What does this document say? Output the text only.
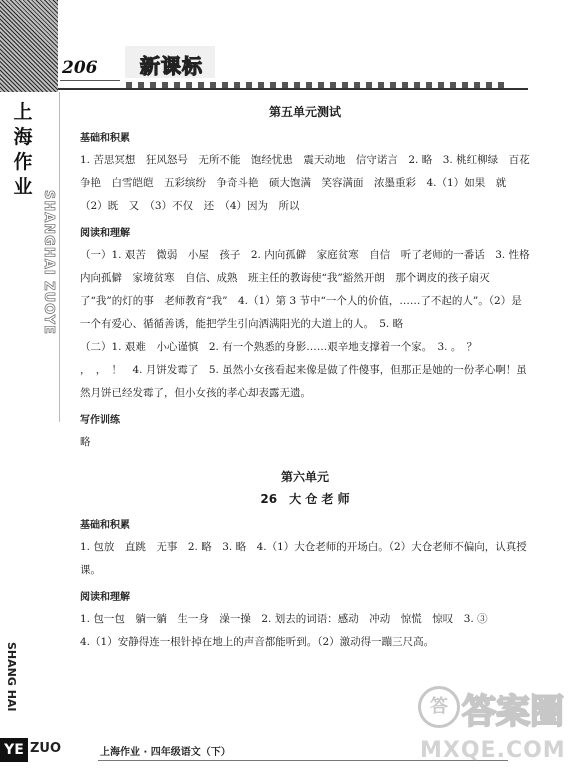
上
海
作
业
SHANGHAI ZUOYE
206 新课标
第五单元测试
基础和积累

1. 苦思冥想　狂风怒号　无所不能　饱经忧患　震天动地　信守诺言　2. 略　3. 桃红柳绿　百花争艳　白雪皑皑　五彩缤纷　争奇斗艳　硕大饱满　笑容满面　浓墨重彩　4.（1）如果　就　（2）既　又　（3）不仅　还　（4）因为　所以

阅读和理解

（一）1. 艰苦　微弱　小屋　孩子　2. 内向孤僻　家庭贫寒　自信　听了老师的一番话　3. 性格内向孤僻　家境贫寒　自信、成熟　班主任的教诲使“我”豁然开朗　那个调皮的孩子扇灭了“我”的灯的事　老师教育“我”　4.（1）第 3 节中“一个人的价值，……了不起的人”。（2）是一个有爱心、循循善诱，能把学生引向洒满阳光的大道上的人。　5. 略

（二）1. 艰难　小心谨慎　2. 有一个熟悉的身影……艰辛地支撑着一个家。　3. 。　？

，　，　！　4. 月饼发霉了　5. 虽然小女孩看起来像是做了件傻事，但那正是她的一份孝心啊！虽然月饼已经发霉了，但小女孩的孝心却表露无遗。

写作训练

略

第六单元
26　大 仓 老 师
基础和积累

1. 包放　直跳　无事　2. 略　3. 略　4.（1）大仓老师的开场白。（2）大仓老师不偏向，认真授课。

阅读和理解

1. 包一包　躺一躺　生一身　澡一操　2. 划去的词语：感动　冲动　惊慌　惊叹　3. ③

4.（1）安静得连一根针掉在地上的声音都能听到。（2）激动得一蹦三尺高。

SHANG HAI
YE ZUO	上海作业 · 四年级语文（下）
答 答案圈
MXQE.COM
